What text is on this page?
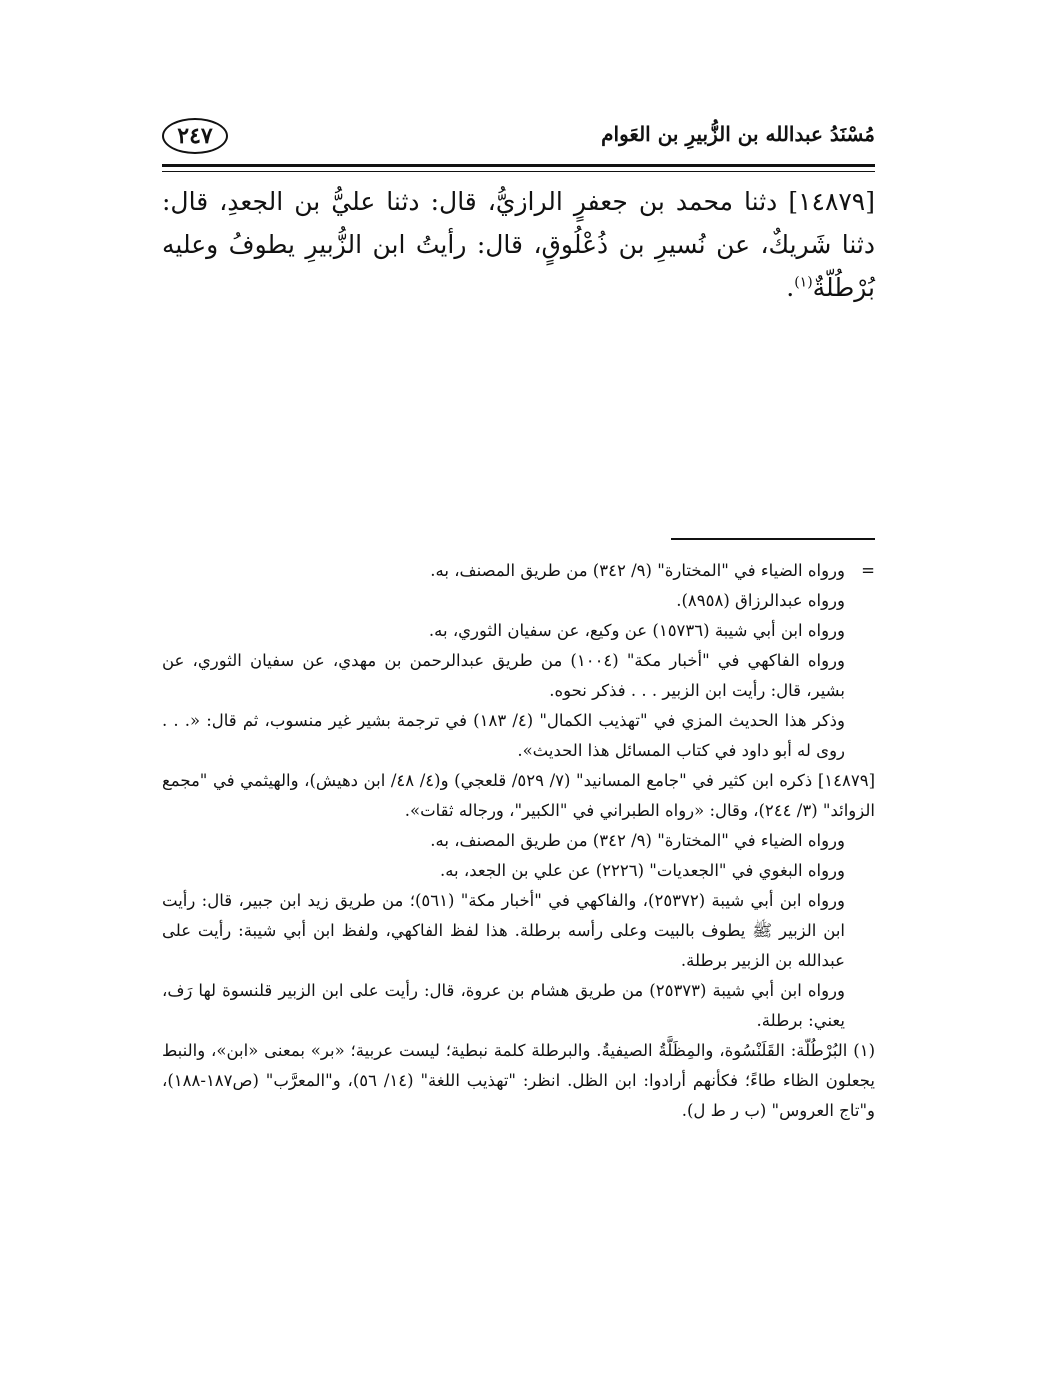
٢٤٧	مُسْنَدُ عبدالله بن الزُّبيرِ بن العَوام

[١٤٨٧٩] دثنا محمد بن جعفرٍ الرازيُّ، قال: دثنا عليُّ بن الجعدِ، قال: دثنا شَريكٌ، عن نُسيرِ بن ذُعْلُوقٍ، قال: رأيتُ ابن الزُّبيرِ يطوفُ وعليه بُرْطُلّةٌ$^{(١)}$.

=
ورواه الضياء في "المختارة" (٩/ ٣٤٢) من طريق المصنف، به.
ورواه عبدالرزاق (٨٩٥٨).
ورواه ابن أبي شيبة (١٥٧٣٦) عن وكيع، عن سفيان الثوري، به.
ورواه الفاكهي في "أخبار مكة" (١٠٠٤) من طريق عبدالرحمن بن مهدي، عن سفيان الثوري، عن بشير، قال: رأيت ابن الزبير . . . فذكر نحوه.
وذكر هذا الحديث المزي في "تهذيب الكمال" (٤/ ١٨٣) في ترجمة بشير غير منسوب، ثم قال: «. . . روى له أبو داود في كتاب المسائل هذا الحديث».
[١٤٨٧٩] ذكره ابن كثير في "جامع المسانيد" (٧/ ٥٢٩/ قلعجي) و(٤/ ٤٨/ ابن دهيش)، والهيثمي في "مجمع الزوائد" (٣/ ٢٤٤)، وقال: «رواه الطبراني في "الكبير"، ورجاله ثقات».
ورواه الضياء في "المختارة" (٩/ ٣٤٢) من طريق المصنف، به.
ورواه البغوي في "الجعديات" (٢٢٢٦) عن علي بن الجعد، به.
ورواه ابن أبي شيبة (٢٥٣٧٢)، والفاكهي في "أخبار مكة" (٥٦١)؛ من طريق زيد ابن جبير، قال: رأيت ابن الزبير ﷺ يطوف بالبيت وعلى رأسه برطلة. هذا لفظ الفاكهي، ولفظ ابن أبي شيبة: رأيت على عبدالله بن الزبير برطلة.
ورواه ابن أبي شيبة (٢٥٣٧٣) من طريق هشام بن عروة، قال: رأيت على ابن الزبير قلنسوة لها رَف، يعني: برطلة.
(١) البُرْطُلّة: القَلَنْسُوة، والمِظَلَّةُ الصيفيةُ. والبرطلة كلمة نبطية؛ ليست عربية؛ «بر» بمعنى «ابن»، والنبط يجعلون الظاء طاءً؛ فكأنهم أرادوا: ابن الظل. انظر: "تهذيب اللغة" (١٤/ ٥٦)، و"المعرَّب" (ص١٨٧-١٨٨)، و"تاج العروس" (ب ر ط ل).
